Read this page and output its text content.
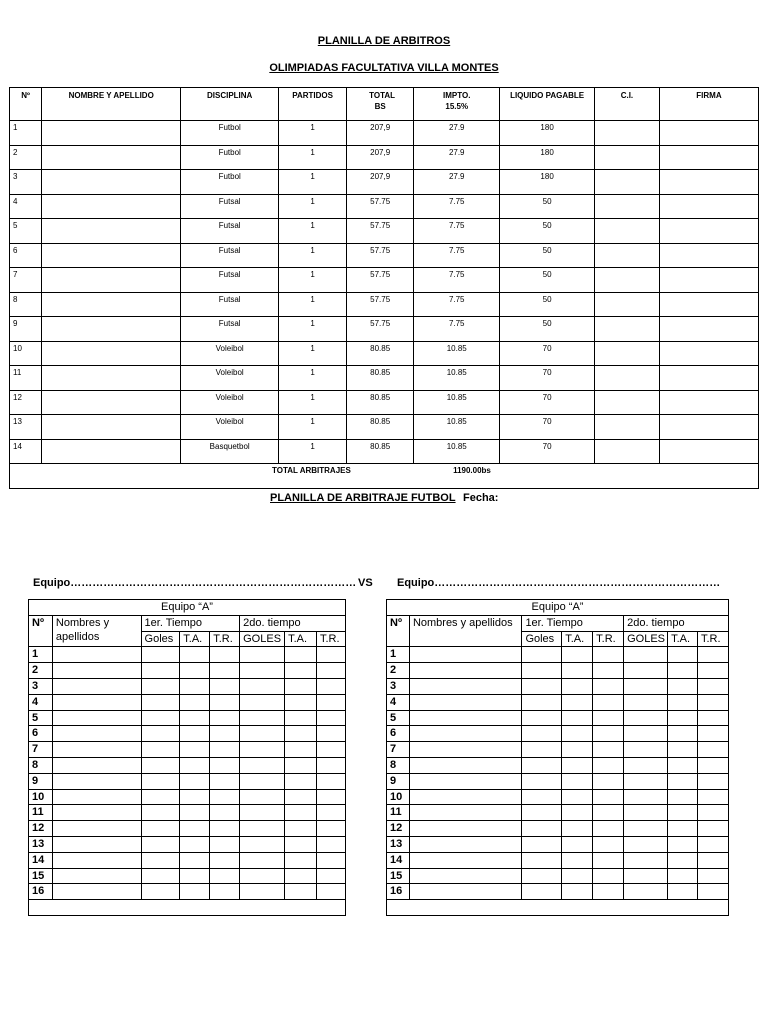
PLANILLA DE ARBITROS
OLIMPIADAS FACULTATIVA VILLA MONTES
Nº	NOMBRE Y APELLIDO	DISCIPLINA	PARTIDOS	TOTAL BS	IMPTO. 15.5%	LIQUIDO PAGABLE	C.I.	FIRMA
1		Futbol	1	207,9	27.9	180		
2		Futbol	1	207,9	27.9	180		
3		Futbol	1	207,9	27.9	180		
4		Futsal	1	57.75	7.75	50		
5		Futsal	1	57.75	7.75	50		
6		Futsal	1	57.75	7.75	50		
7		Futsal	1	57.75	7.75	50		
8		Futsal	1	57.75	7.75	50		
9		Futsal	1	57.75	7.75	50		
10		Voleibol	1	80.85	10.85	70		
11		Voleibol	1	80.85	10.85	70		
12		Voleibol	1	80.85	10.85	70		
13		Voleibol	1	80.85	10.85	70		
14		Basquetbol	1	80.85	10.85	70		
TOTAL ARBITRAJES 1190.00bs								
PLANILLA DE ARBITRAJE FUTBOL Fecha:
Equipo…………………………………………………………………… VS Equipo……………………………………………………………………
Equipo “A”							
Nº	Nombres y apellidos	1er. Tiempo			2do. tiempo		
		Goles	T.A.	T.R.	GOLES	T.A.	T.R.
1							
2							
3							
4							
5							
6							
7							
8							
9							
10							
11							
12							
13							
14							
15							
16							

Equipo “A”							
Nº	Nombres y apellidos	1er. Tiempo			2do. tiempo		
		Goles	T.A.	T.R.	GOLES	T.A.	T.R.
1							
2							
3							
4							
5							
6							
7							
8							
9							
10							
11							
12							
13							
14							
15							
16							
